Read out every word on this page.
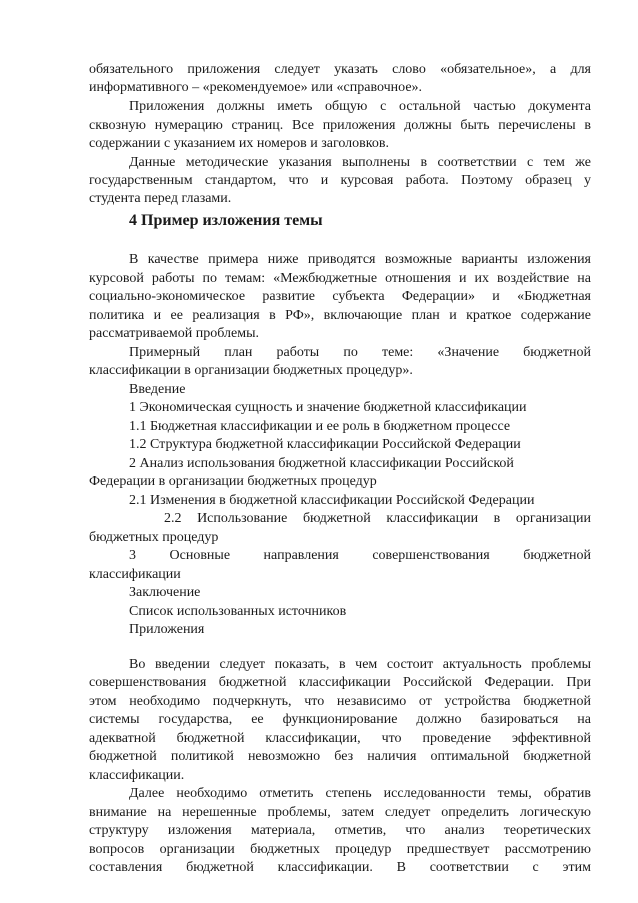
обязательного приложения следует указать слово «обязательное», а для
информативного – «рекомендуемое» или «справочное».
Приложения должны иметь общую с остальной частью документа
сквозную нумерацию страниц. Все приложения должны быть перечислены в
содержании с указанием их номеров и заголовков.
Данные методические указания выполнены в соответствии с тем же
государственным стандартом, что и курсовая работа. Поэтому образец у
студента перед глазами.
4 Пример изложения темы
В качестве примера ниже приводятся возможные варианты изложения
курсовой работы по темам: «Межбюджетные отношения и их воздействие на
социально-экономическое развитие субъекта Федерации» и «Бюджетная
политика и ее реализация в РФ», включающие план и краткое содержание
рассматриваемой проблемы.
Примерный план работы по теме: «Значение бюджетной
классификации в организации бюджетных процедур».
Введение
1 Экономическая сущность и значение бюджетной классификации
1.1 Бюджетная классификации и ее роль в бюджетном процессе
1.2 Структура бюджетной классификации Российской Федерации
2 Анализ использования бюджетной классификации Российской
Федерации в организации бюджетных процедур
2.1 Изменения в бюджетной классификации Российской Федерации
2.2 Использование бюджетной классификации в организации
бюджетных процедур
3 Основные направления совершенствования бюджетной
классификации
Заключение
Список использованных источников
Приложения
Во введении следует показать, в чем состоит актуальность проблемы
совершенствования бюджетной классификации Российской Федерации. При
этом необходимо подчеркнуть, что независимо от устройства бюджетной
системы государства, ее функционирование должно базироваться на
адекватной бюджетной классификации, что проведение эффективной
бюджетной политикой невозможно без наличия оптимальной бюджетной
классификации.
Далее необходимо отметить степень исследованности темы, обратив
внимание на нерешенные проблемы, затем следует определить логическую
структуру изложения материала, отметив, что анализ теоретических
вопросов организации бюджетных процедур предшествует рассмотрению
составления бюджетной классификации. В соответствии с этим
